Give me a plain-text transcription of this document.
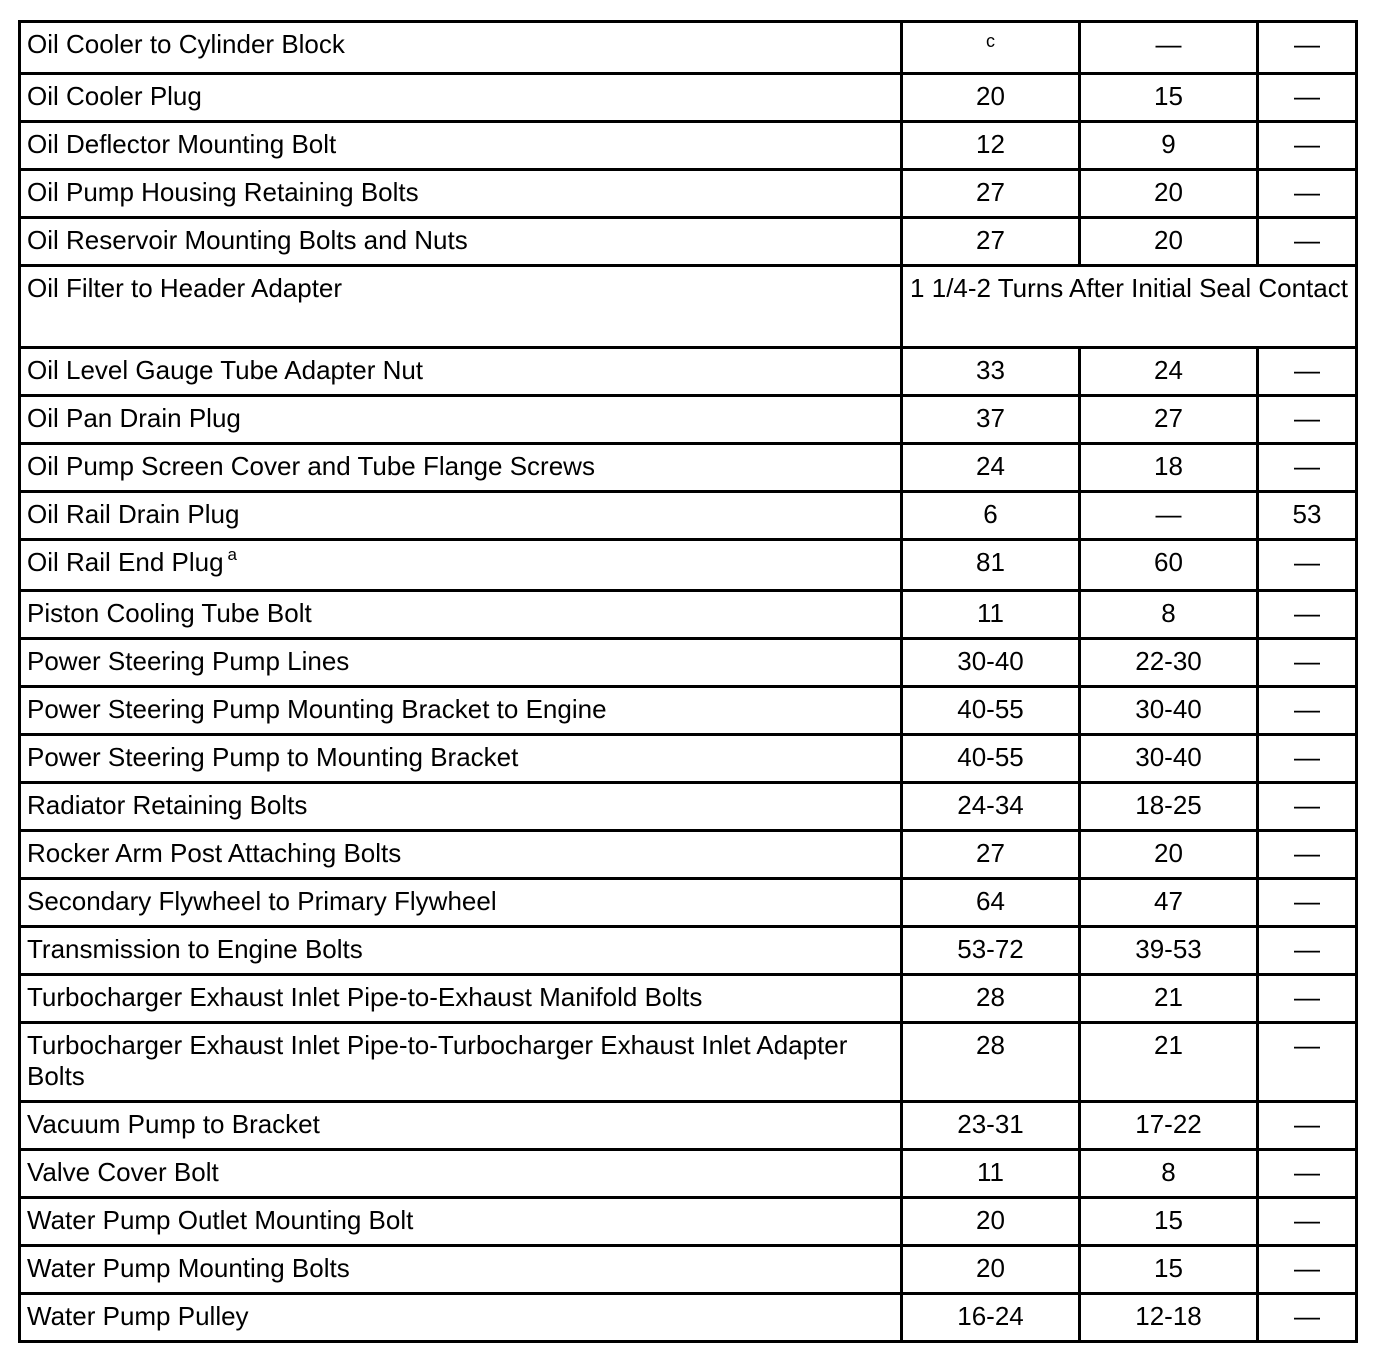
Oil Cooler to Cylinder Block	$^c$	—	—
Oil Cooler Plug	20	15	—
Oil Deflector Mounting Bolt	12	9	—
Oil Pump Housing Retaining Bolts	27	20	—
Oil Reservoir Mounting Bolts and Nuts	27	20	—
Oil Filter to Header Adapter	1 1/4-2 Turns After Initial Seal Contact		
Oil Level Gauge Tube Adapter Nut	33	24	—
Oil Pan Drain Plug	37	27	—
Oil Pump Screen Cover and Tube Flange Screws	24	18	—
Oil Rail Drain Plug	6	—	53
Oil Rail End Plug $^a$	81	60	—
Piston Cooling Tube Bolt	11	8	—
Power Steering Pump Lines	30-40	22-30	—
Power Steering Pump Mounting Bracket to Engine	40-55	30-40	—
Power Steering Pump to Mounting Bracket	40-55	30-40	—
Radiator Retaining Bolts	24-34	18-25	—
Rocker Arm Post Attaching Bolts	27	20	—
Secondary Flywheel to Primary Flywheel	64	47	—
Transmission to Engine Bolts	53-72	39-53	—
Turbocharger Exhaust Inlet Pipe-to-Exhaust Manifold Bolts	28	21	—
Turbocharger Exhaust Inlet Pipe-to-Turbocharger Exhaust Inlet Adapter Bolts	28	21	—
Vacuum Pump to Bracket	23-31	17-22	—
Valve Cover Bolt	11	8	—
Water Pump Outlet Mounting Bolt	20	15	—
Water Pump Mounting Bolts	20	15	—
Water Pump Pulley	16-24	12-18	—
